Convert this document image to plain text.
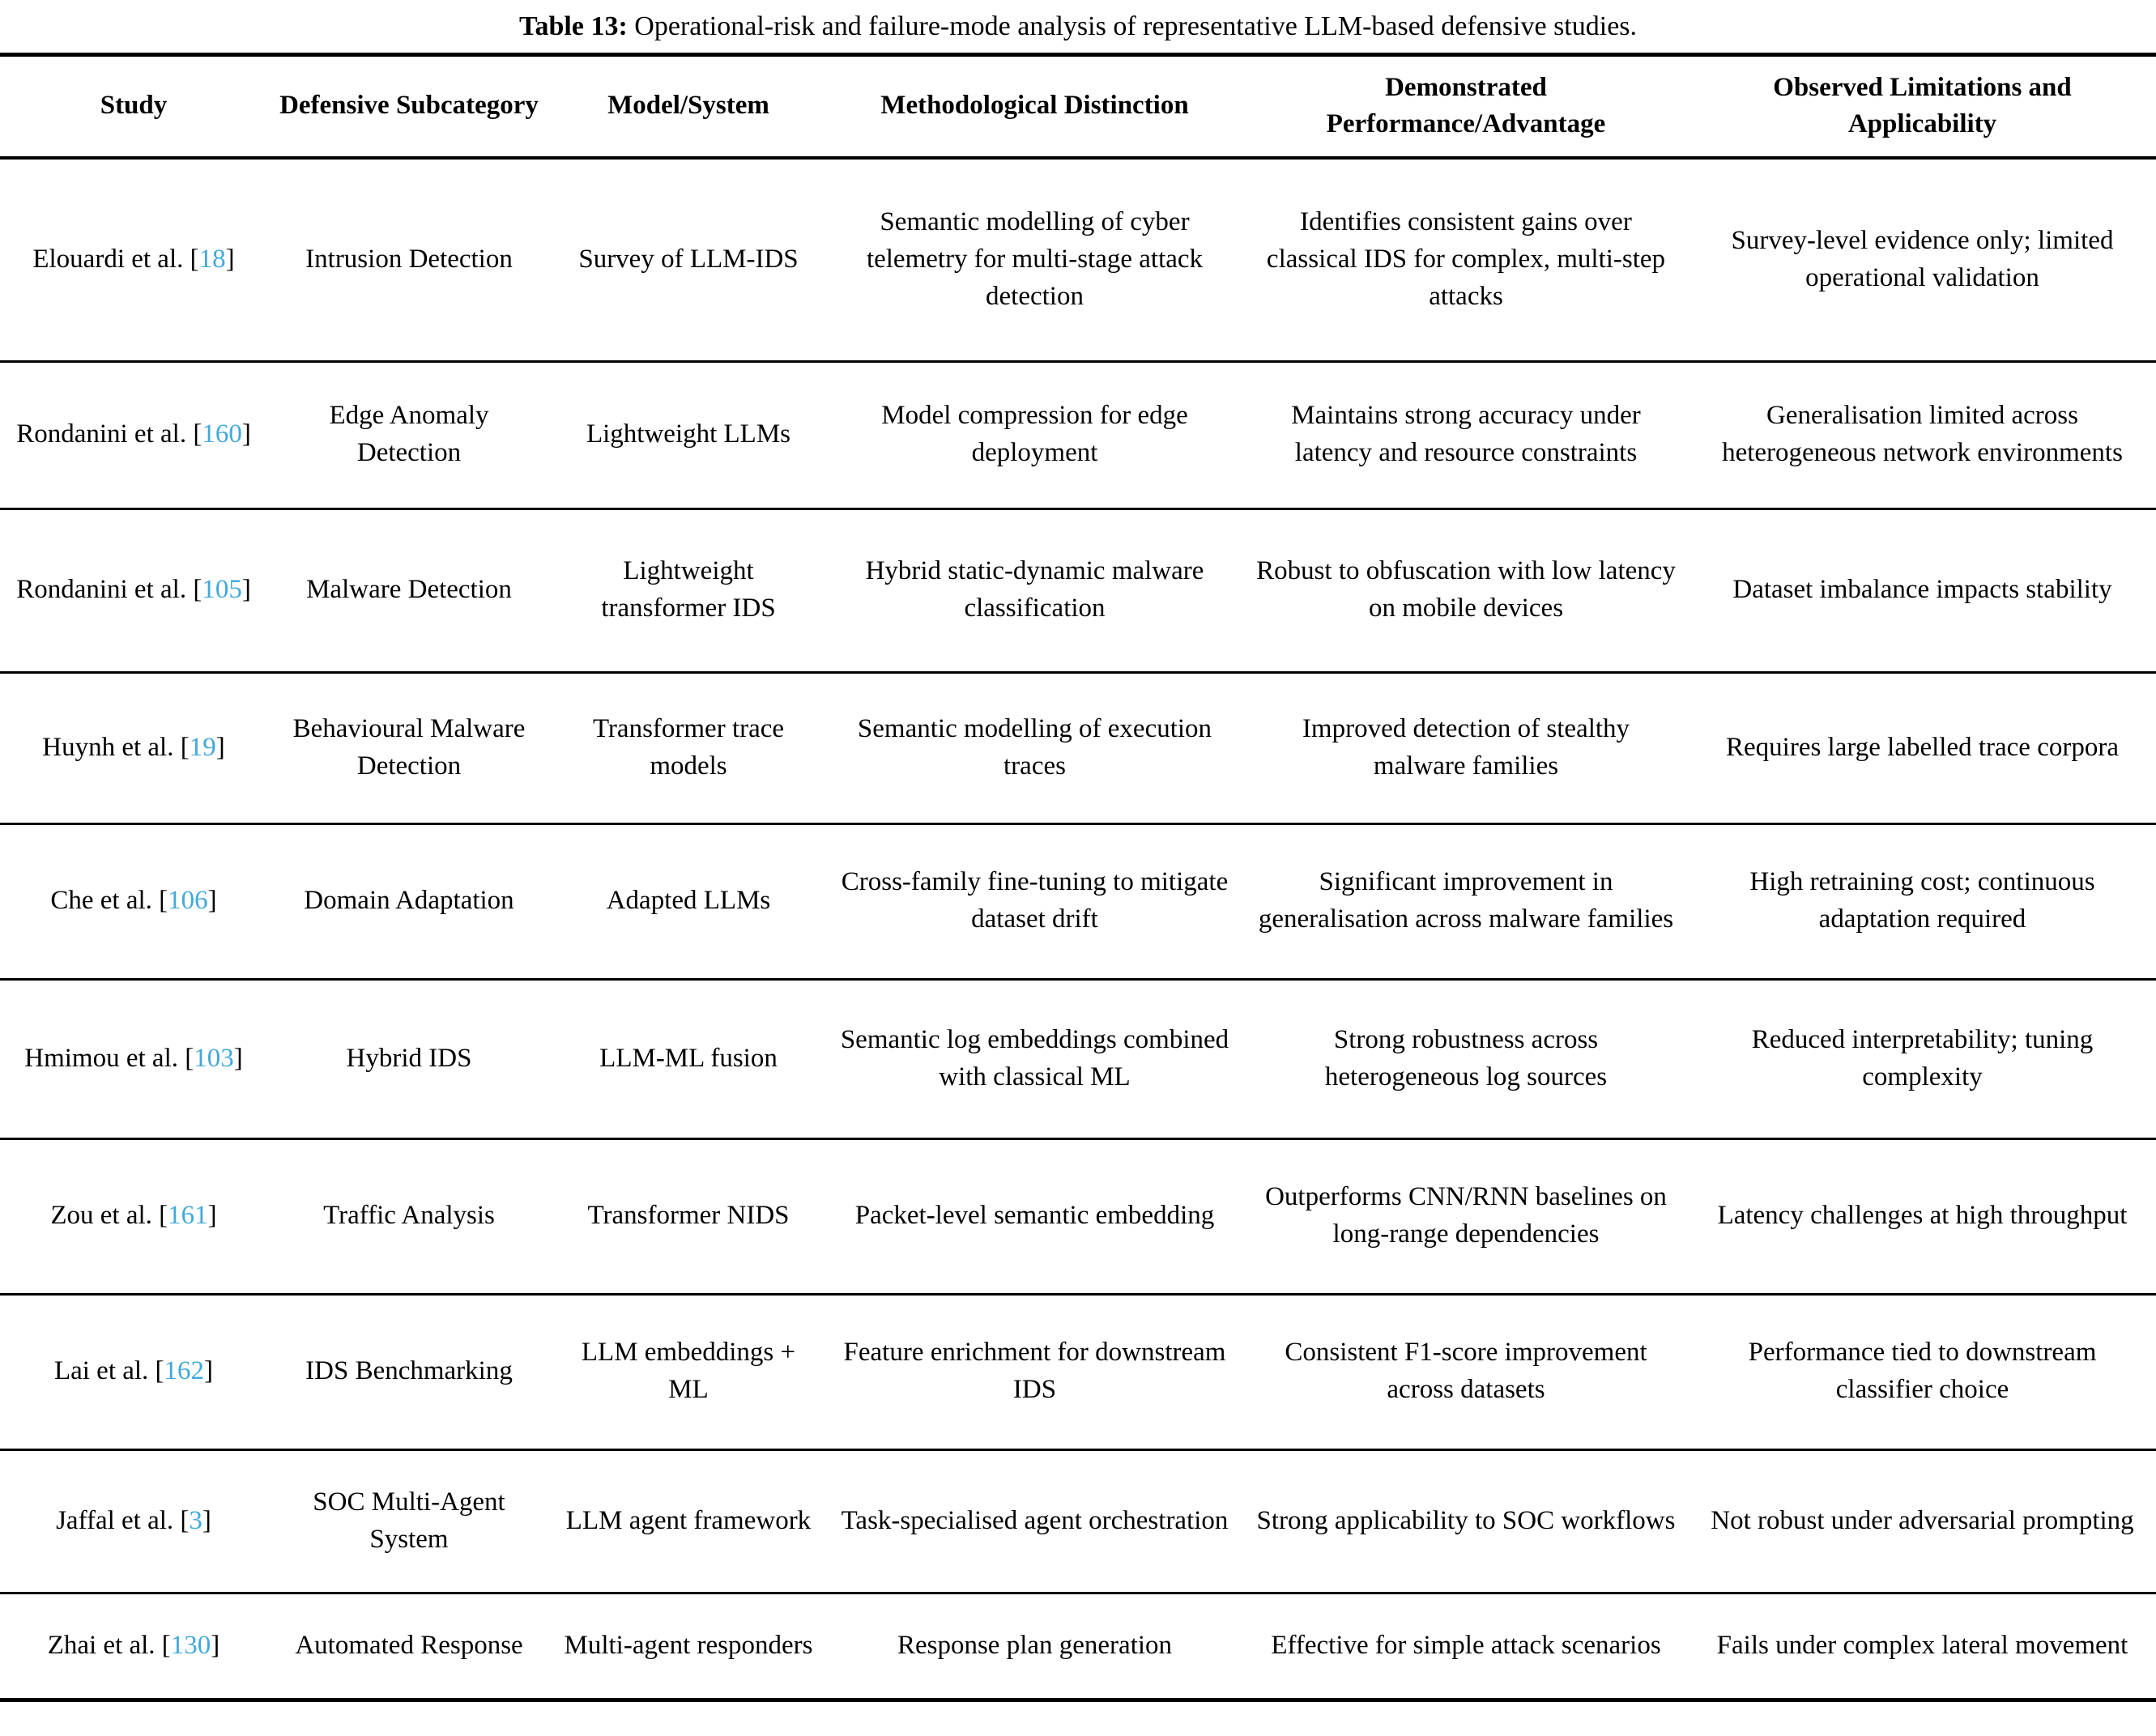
Table 13: Operational-risk and failure-mode analysis of representative LLM-based defensive studies.
Study	Defensive Subcategory	Model/System	Methodological Distinction	Demonstrated Performance/Advantage	Observed Limitations and Applicability
Elouardi et al. [18]	Intrusion Detection	Survey of LLM-IDS	Semantic modelling of cyber telemetry for multi-stage attack detection	Identifies consistent gains over classical IDS for complex, multi-step attacks	Survey-level evidence only; limited operational validation
Rondanini et al. [160]	Edge Anomaly Detection	Lightweight LLMs	Model compression for edge deployment	Maintains strong accuracy under latency and resource constraints	Generalisation limited across heterogeneous network environments
Rondanini et al. [105]	Malware Detection	Lightweight transformer IDS	Hybrid static-dynamic malware classification	Robust to obfuscation with low latency on mobile devices	Dataset imbalance impacts stability
Huynh et al. [19]	Behavioural Malware Detection	Transformer trace models	Semantic modelling of execution traces	Improved detection of stealthy malware families	Requires large labelled trace corpora
Che et al. [106]	Domain Adaptation	Adapted LLMs	Cross-family fine-tuning to mitigate dataset drift	Significant improvement in generalisation across malware families	High retraining cost; continuous adaptation required
Hmimou et al. [103]	Hybrid IDS	LLM-ML fusion	Semantic log embeddings combined with classical ML	Strong robustness across heterogeneous log sources	Reduced interpretability; tuning complexity
Zou et al. [161]	Traffic Analysis	Transformer NIDS	Packet-level semantic embedding	Outperforms CNN/RNN baselines on long-range dependencies	Latency challenges at high throughput
Lai et al. [162]	IDS Benchmarking	LLM embeddings + ML	Feature enrichment for downstream IDS	Consistent F1-score improvement across datasets	Performance tied to downstream classifier choice
Jaffal et al. [3]	SOC Multi-Agent System	LLM agent framework	Task-specialised agent orchestration	Strong applicability to SOC workflows	Not robust under adversarial prompting
Zhai et al. [130]	Automated Response	Multi-agent responders	Response plan generation	Effective for simple attack scenarios	Fails under complex lateral movement
